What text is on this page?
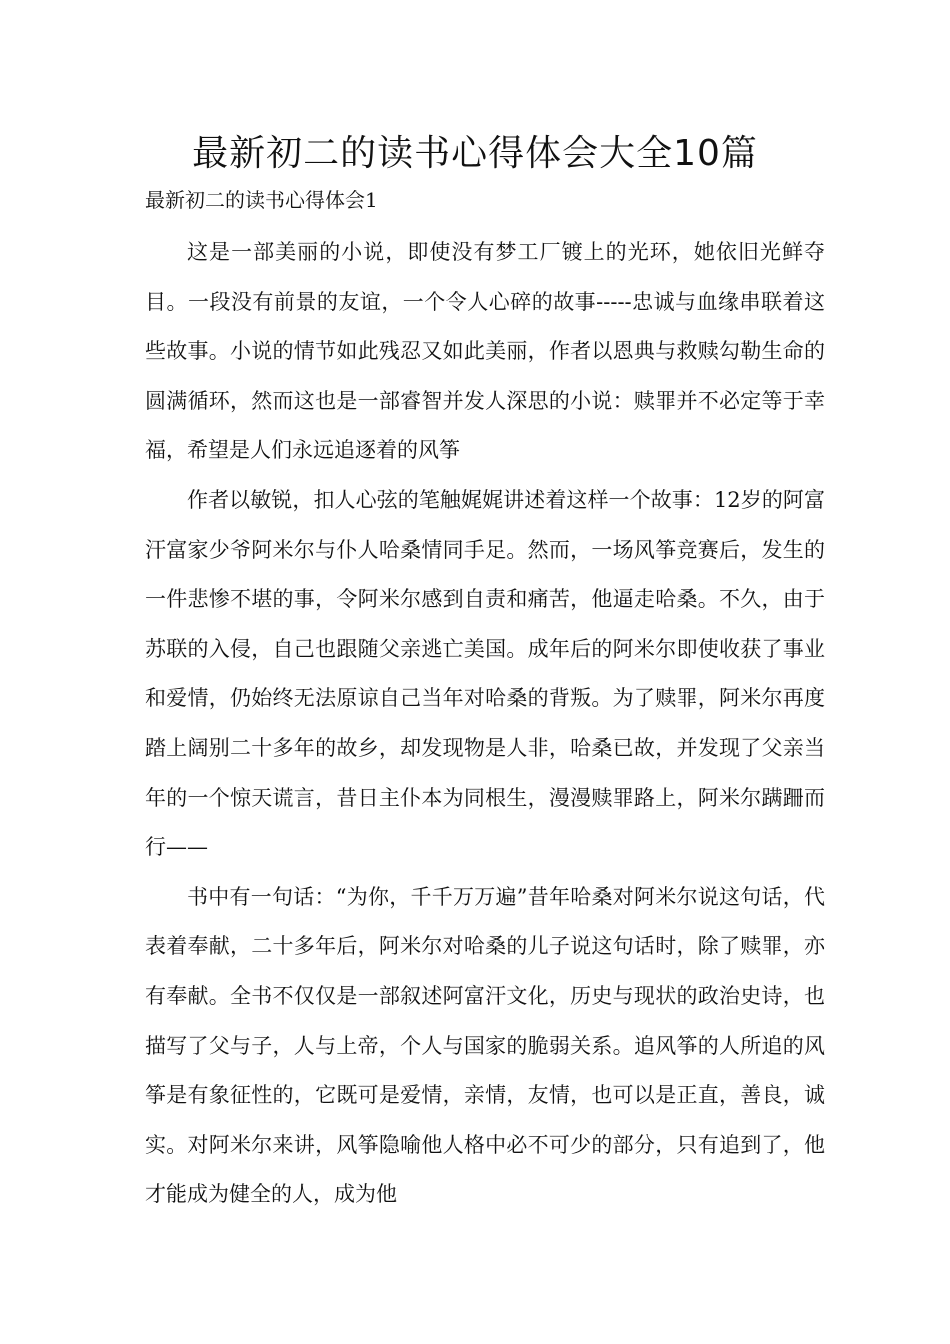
最新初二的读书心得体会大全10篇

最新初二的读书心得体会1

这是一部美丽的小说，即使没有梦工厂镀上的光环，她依旧光鲜夺目。一段没有前景的友谊，一个令人心碎的故事-----忠诚与血缘串联着这些故事。小说的情节如此残忍又如此美丽，作者以恩典与救赎勾勒生命的圆满循环，然而这也是一部睿智并发人深思的小说：赎罪并不必定等于幸福，希望是人们永远追逐着的风筝

作者以敏锐，扣人心弦的笔触娓娓讲述着这样一个故事：12岁的阿富汗富家少爷阿米尔与仆人哈桑情同手足。然而，一场风筝竞赛后，发生的一件悲惨不堪的事，令阿米尔感到自责和痛苦，他逼走哈桑。不久，由于苏联的入侵，自己也跟随父亲逃亡美国。成年后的阿米尔即使收获了事业和爱情，仍始终无法原谅自己当年对哈桑的背叛。为了赎罪，阿米尔再度踏上阔别二十多年的故乡，却发现物是人非，哈桑已故，并发现了父亲当年的一个惊天谎言，昔日主仆本为同根生，漫漫赎罪路上，阿米尔蹒跚而行——

书中有一句话：“为你，千千万万遍”昔年哈桑对阿米尔说这句话，代表着奉献，二十多年后，阿米尔对哈桑的儿子说这句话时，除了赎罪，亦有奉献。全书不仅仅是一部叙述阿富汗文化，历史与现状的政治史诗，也描写了父与子，人与上帝，个人与国家的脆弱关系。追风筝的人所追的风筝是有象征性的，它既可是爱情，亲情，友情，也可以是正直，善良，诚实。对阿米尔来讲，风筝隐喻他人格中必不可少的部分，只有追到了，他才能成为健全的人，成为他
